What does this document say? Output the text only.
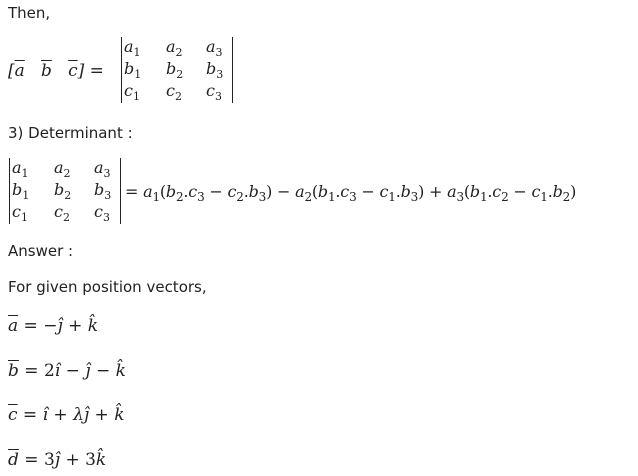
Then,
[$\overline{a}$ $\overline{b}$ $\overline{c}$] =
$a_1$ $a_2$ $a_3$
$b_1$ $b_2$ $b_3$
$c_1$ $c_2$ $c_3$
3) Determinant :
$a_1$ $a_2$ $a_3$
$b_1$ $b_2$ $b_3$
$c_1$ $c_2$ $c_3$
= $a_1(b_2.c_3 - c_2.b_3) - a_2(b_1.c_3 - c_1.b_3) + a_3(b_1.c_2 - c_1.b_2)$
Answer :
For given position vectors,
$\overline{a}$ = −ĵ + k̂
$\overline{b}$ = 2î − ĵ − k̂
$\overline{c}$ = î + λĵ + k̂
$\overline{d}$ = 3ĵ + 3k̂
